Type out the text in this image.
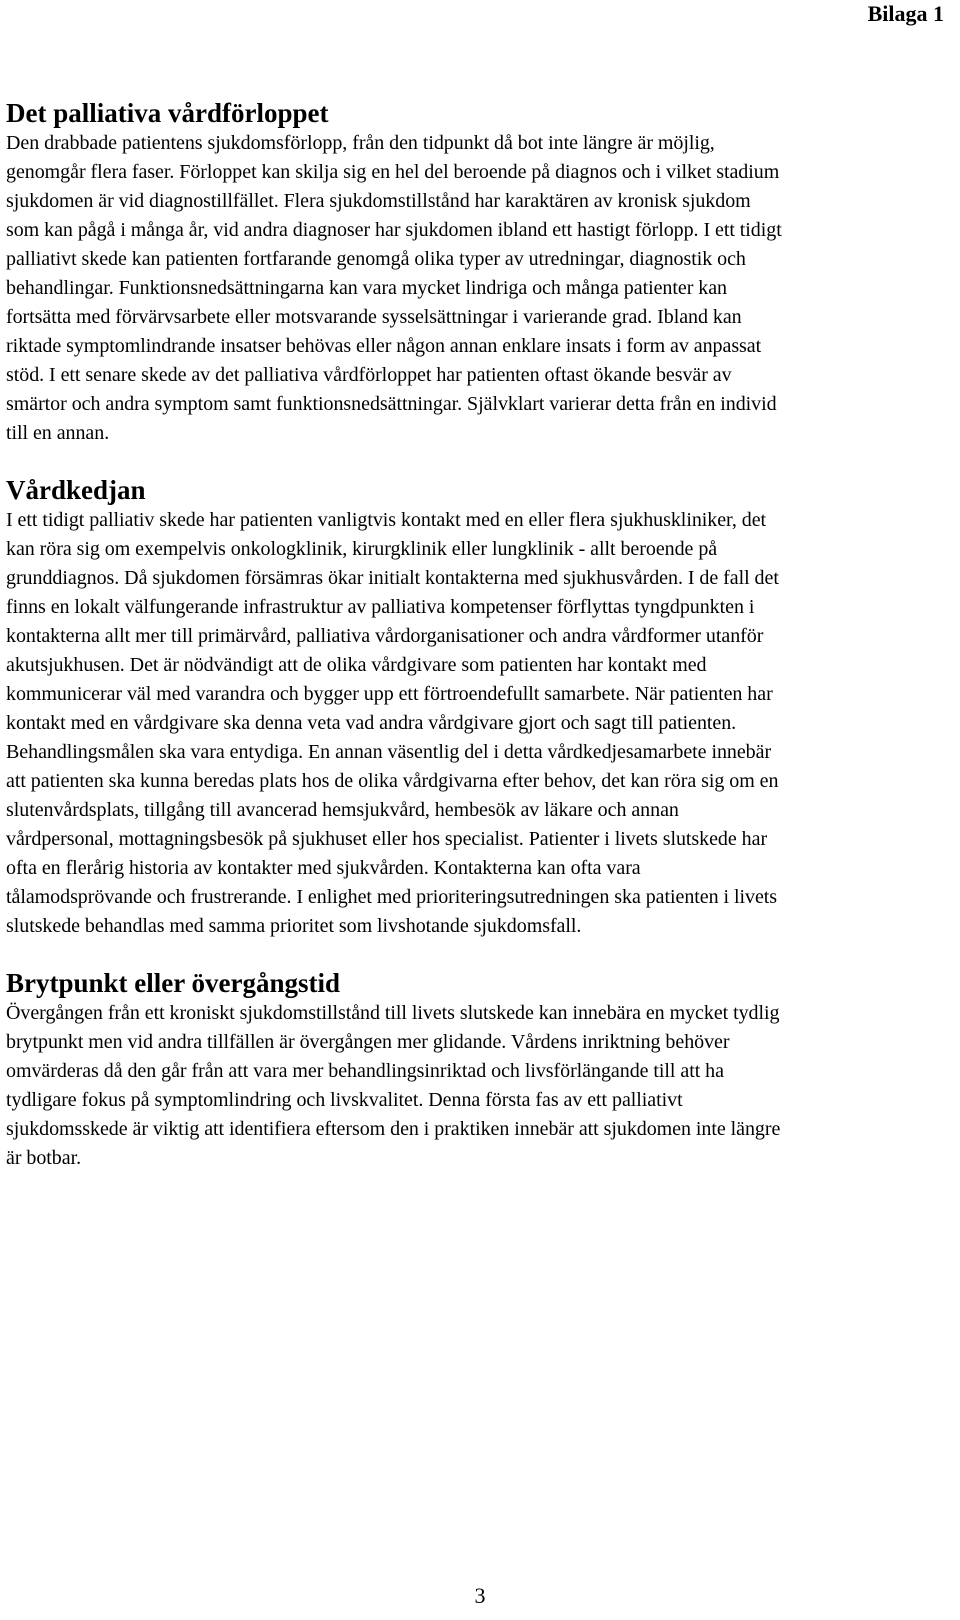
Bilaga 1
Det palliativa vårdförloppet

Den drabbade patientens sjukdomsförlopp, från den tidpunkt då bot inte längre är möjlig, genomgår flera faser. Förloppet kan skilja sig en hel del beroende på diagnos och i vilket stadium sjukdomen är vid diagnostillfället. Flera sjukdomstillstånd har karaktären av kronisk sjukdom som kan pågå i många år, vid andra diagnoser har sjukdomen ibland ett hastigt förlopp. I ett tidigt palliativt skede kan patienten fortfarande genomgå olika typer av utredningar, diagnostik och behandlingar. Funktionsnedsättningarna kan vara mycket lindriga och många patienter kan fortsätta med förvärvsarbete eller motsvarande sysselsättningar i varierande grad. Ibland kan riktade symptomlindrande insatser behövas eller någon annan enklare insats i form av anpassat stöd. I ett senare skede av det palliativa vårdförloppet har patienten oftast ökande besvär av smärtor och andra symptom samt funktionsnedsättningar. Självklart varierar detta från en individ till en annan.

Vårdkedjan

I ett tidigt palliativ skede har patienten vanligtvis kontakt med en eller flera sjukhuskliniker, det kan röra sig om exempelvis onkologklinik, kirurgklinik eller lungklinik - allt beroende på grunddiagnos. Då sjukdomen försämras ökar initialt kontakterna med sjukhusvården. I de fall det finns en lokalt välfungerande infrastruktur av palliativa kompetenser förflyttas tyngdpunkten i kontakterna allt mer till primärvård, palliativa vårdorganisationer och andra vårdformer utanför akutsjukhusen. Det är nödvändigt att de olika vårdgivare som patienten har kontakt med kommunicerar väl med varandra och bygger upp ett förtroendefullt samarbete. När patienten har kontakt med en vårdgivare ska denna veta vad andra vårdgivare gjort och sagt till patienten. Behandlingsmålen ska vara entydiga. En annan väsentlig del i detta vårdkedjesamarbete innebär att patienten ska kunna beredas plats hos de olika vårdgivarna efter behov, det kan röra sig om en slutenvårdsplats, tillgång till avancerad hemsjukvård, hembesök av läkare och annan vårdpersonal, mottagningsbesök på sjukhuset eller hos specialist. Patienter i livets slutskede har ofta en flerårig historia av kontakter med sjukvården. Kontakterna kan ofta vara tålamodsprövande och frustrerande. I enlighet med prioriteringsutredningen ska patienten i livets slutskede behandlas med samma prioritet som livshotande sjukdomsfall.

Brytpunkt eller övergångstid

Övergången från ett kroniskt sjukdomstillstånd till livets slutskede kan innebära en mycket tydlig brytpunkt men vid andra tillfällen är övergången mer glidande. Vårdens inriktning behöver omvärderas då den går från att vara mer behandlingsinriktad och livsförlängande till att ha tydligare fokus på symptomlindring och livskvalitet. Denna första fas av ett palliativt sjukdomsskede är viktig att identifiera eftersom den i praktiken innebär att sjukdomen inte längre är botbar.

3
